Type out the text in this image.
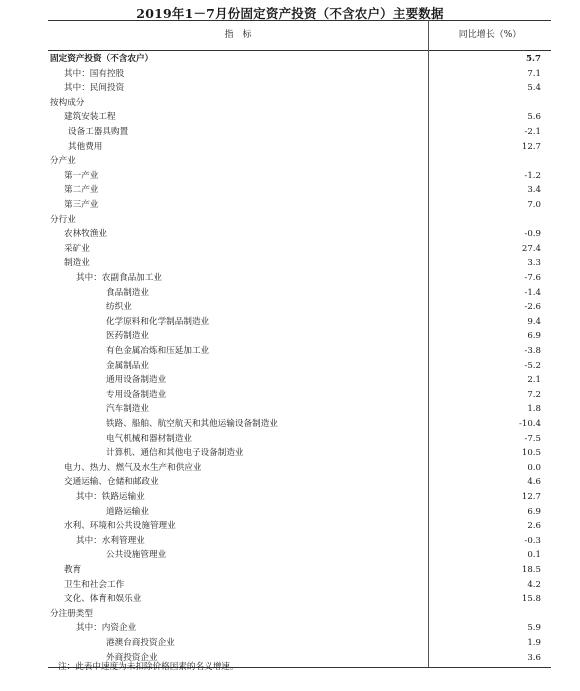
2019年1－7月份固定资产投资（不含农户）主要数据
指　标	同比增长（%）
固定资产投资（不含农户）	5.7
其中：国有控股	7.1
其中：民间投资	5.4
按构成分
建筑安装工程	5.6
设备工器具购置	-2.1
其他费用	12.7
分产业
第一产业	-1.2
第二产业	3.4
第三产业	7.0
分行业
农林牧渔业	-0.9
采矿业	27.4
制造业	3.3
其中：农副食品加工业	-7.6
食品制造业	-1.4
纺织业	-2.6
化学原料和化学制品制造业	9.4
医药制造业	6.9
有色金属冶炼和压延加工业	-3.8
金属制品业	-5.2
通用设备制造业	2.1
专用设备制造业	7.2
汽车制造业	1.8
铁路、船舶、航空航天和其他运输设备制造业	-10.4
电气机械和器材制造业	-7.5
计算机、通信和其他电子设备制造业	10.5
电力、热力、燃气及水生产和供应业	0.0
交通运输、仓储和邮政业	4.6
其中：铁路运输业	12.7
道路运输业	6.9
水利、环境和公共设施管理业	2.6
其中：水利管理业	-0.3
公共设施管理业	0.1
教育	18.5
卫生和社会工作	4.2
文化、体育和娱乐业	15.8
分注册类型
其中：内资企业	5.9
港澳台商投资企业	1.9
外商投资企业	3.6
注：此表中速度为未扣除价格因素的名义增速。
